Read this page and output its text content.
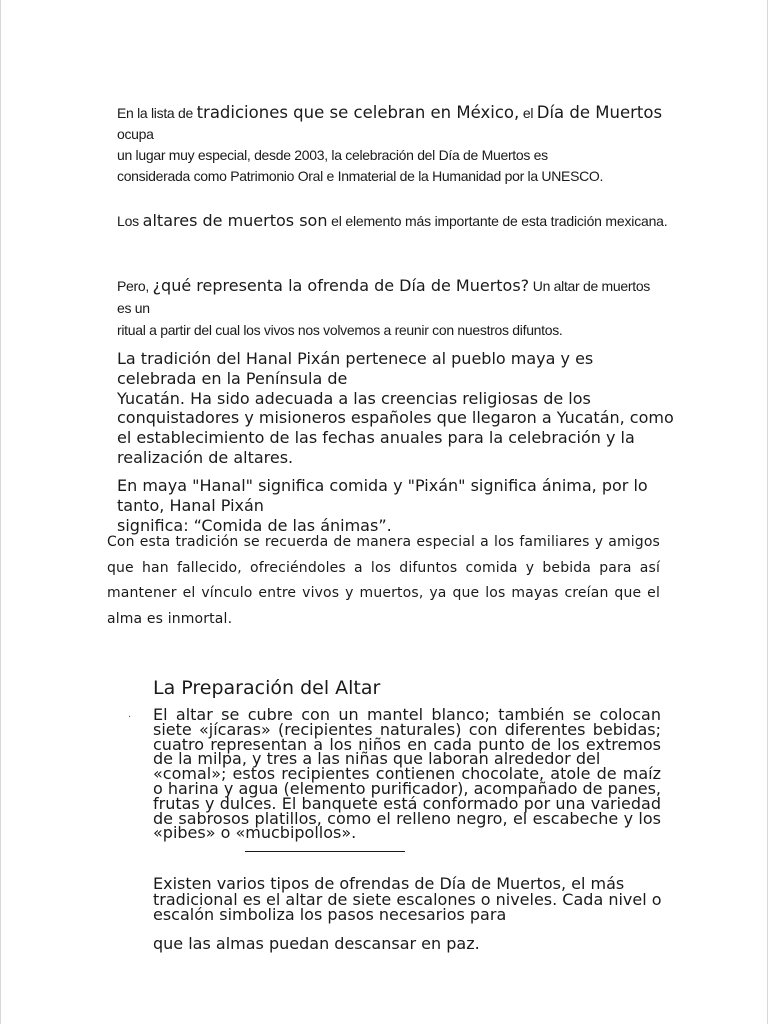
En la lista de tradiciones que se celebran en México, el Día de Muertos ocupa
un lugar muy especial, desde 2003, la celebración del Día de Muertos es
considerada como Patrimonio Oral e Inmaterial de la Humanidad por la UNESCO.

Los altares de muertos son el elemento más importante de esta tradición mexicana.

Pero, ¿qué representa la ofrenda de Día de Muertos? Un altar de muertos es un
ritual a partir del cual los vivos nos volvemos a reunir con nuestros difuntos.

La tradición del Hanal Pixán pertenece al pueblo maya y es celebrada en la Península de
Yucatán. Ha sido adecuada a las creencias religiosas de los conquistadores y misioneros españoles que llegaron a Yucatán, como el establecimiento de las fechas anuales para la celebración y la realización de altares.

En maya "Hanal" significa comida y "Pixán" significa ánima, por lo tanto, Hanal Pixán
significa: “Comida de las ánimas”.

Con esta tradición se recuerda de manera especial a los familiares y amigos que han fallecido, ofreciéndoles a los difuntos comida y bebida para así mantener el vínculo entre vivos y muertos, ya que los mayas creían que el alma es inmortal.

La Preparación del Altar
. El altar se cubre con un mantel blanco; también se colocan siete «jícaras» (recipientes naturales) con diferentes bebidas; cuatro representan a los niños en cada punto de los extremos de la milpa, y tres a las niñas que laboran alrededor del
«comal»; estos recipientes contienen chocolate, atole de maíz o harina y agua (elemento purificador), acompañado de panes, frutas y dulces. El banquete está conformado por una variedad de sabrosos platillos, como el relleno negro, el escabeche y los «pibes» o «mucbipollos».

Existen varios tipos de ofrendas de Día de Muertos, el más tradicional es el altar de siete escalones o niveles. Cada nivel o escalón simboliza los pasos necesarios para

que las almas puedan descansar en paz.
